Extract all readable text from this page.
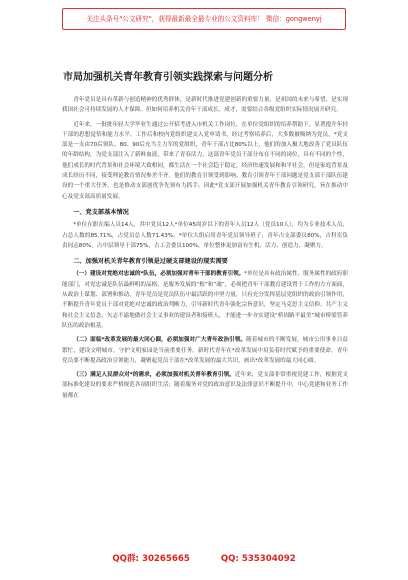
关注头条号"公文研究"，获得最新最全最专业的公文资料库！ 微信：gongwenyj
市局加强机关青年教育引领实践探索与问题分析

青年党员是具有革新与创造精神的优秀群体，是新时代推进党建创新的重要力量，是祖国的未来与希望，是实现我国社会可持续发展的人才保障。但如何培养机关青年干部成长、成才，需要结合各级党组织实际情况展开研究。

近年来，一批批年轻大学毕业生通过公开招考进入市机关工作岗位，在单位党组织的培养帮助下，显著提升年轻干部的思想觉悟和能力水平。工作后和校内党组织建交入党申请书，经过考察培养后，大多数被吸纳为党员。*党支部是一支由70后领队、80、90后充当主力军的党组织，青年干部占比80%以上，他们的加入极大地改善了党员队伍的年龄结构，为党支部注入了新鲜血液，带来了青春活力。这部青年党员干部分布在不同的岗位，具有不同的个性，他们成长的时代背景和社会环境大致相同，都生活在一个社会趋于稳定，经济快速发展和和平社会。但是家庭背景及成长经历不同，接受理论教育情况参差不齐。他们的教育引领受到影响。教育引领青年干部问题是党支部干部队伍建设的一个重大任务，也是推动支部创优争先领有力抓手。因此*党支部开展加强机关青年教育引领研究，旨在推动中心及党支部高质量发展。

一、党支部基本情况

*单位在职在编人员14人，其中党员12人*单位45周岁以下的青年人员12人（党员10人），均为专业技术人员，占总人数的85.71%，占党员总人数71.43%。*单位大组启用青年党员领导班子，青年占支部委员80%，占科室负责同志80%，占中层领导干部75%，占工会委员100%，单位整体更加富有生机、活力、创造力、凝聚力。

二、加强对机关青年教育引领是过硬支部建设的现实需要

（一）建设对党绝对忠诚的*队伍，必须加强对青年干部的教育引领。*单位是具有政治属性、服务属性的政府职能部门，对党忠诚是队伍最鲜明的品格，是服务发展的“根”和“魂”，必须把青年干部教育建设置于工作的方方面面，从政治上谋划、部署和推动。青年党员是党员队伍中最活跃的中坚力量，只有充分发挥基层党组织的政治引领作用，不断提升青年党员干部对党绝对忠诚的政治判断力，引导新时代青年强化宗旨意识，坚定马克思主义信仰、共产主义和社会主义信念，矢志不渝地做社会主义事业的建设者和接班人，才能进一步夯实建设“桥固路平最美”城市桥梁管养队伍的政治根基。

（二）面临*改革发展的最大同心圆，必须加强对广大青年政治引领。随着城市的不断发展，城市公用事业日益繁忙，建设文明城市，守护文明家园是当前重要任务。新时代青年在*改革发展中肩负着时代赋予的重要使命，青年党员要不断提高政治引领能力，凝聚起党员干部在*改革发展的最大共识，画出*改革发展的最大同心圆。

（三）满足人民群众对*的需求，必须加强对机关青年教育引领。近年来，党支部非常重视党建工作，根据党支部标准化建设的要求严格规范各项组织生活；随着服务对党的政治意识及法律意识不断提升中，中心党建和业务工作量都在

QQ群: 30265665	QQ: 535304092
